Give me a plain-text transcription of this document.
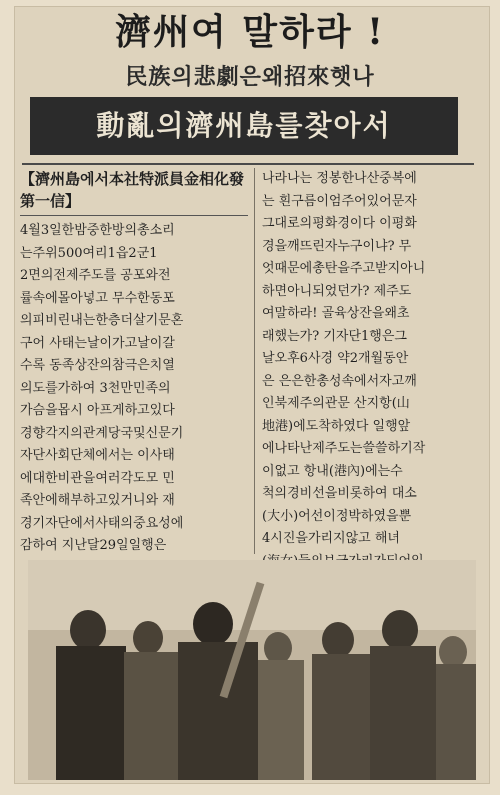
濟州여 말하라 !
民族의悲劇은왜招來햇나
動亂의濟州島를찾아서
【濟州島에서本社特派員金相化發第一信】
4월3일한밤중한방의총소리
는주위500여리1읍2군1
2면의전제주도를 공포와전
률속에몰아넣고 무수한동포
의피비린내는한층더살기문혼
구어 사태는날이가고날이갈
수록 동족상잔의참극은치열
의도를가하여 3천만민족의
가슴을몹시 아프게하고있다
경향각지의관계당국및신문기
자단사회단체에서는 이사태
에대한비관을여러각도모 민
족안에해부하고있거니와 재
경기자단에서사태의중요성에
감하여 지난달29일일행은
나라나는 정봉한나산중복에
는 흰구름이엄주어있어문자
그대로의평화경이다 이평화
경을깨뜨린자누구이냐? 무
엇때문에총탄을주고받지아니
하면아니되었던가? 제주도
여말하라! 골육상잔을왜초
래했는가? 기자단1행은그
날오후6사경 약2개월동안
은 은은한총성속에서자고깨
인북제주의관문 산지항(山
地港)에도착하였다 일행앞
에나타난제주도는쓸쓸하기작
이없고 항내(港內)에는수
척의경비선을비롯하여 대소
(大小)어선이정박하였을뿐
4시진을가리지않고 해녀
